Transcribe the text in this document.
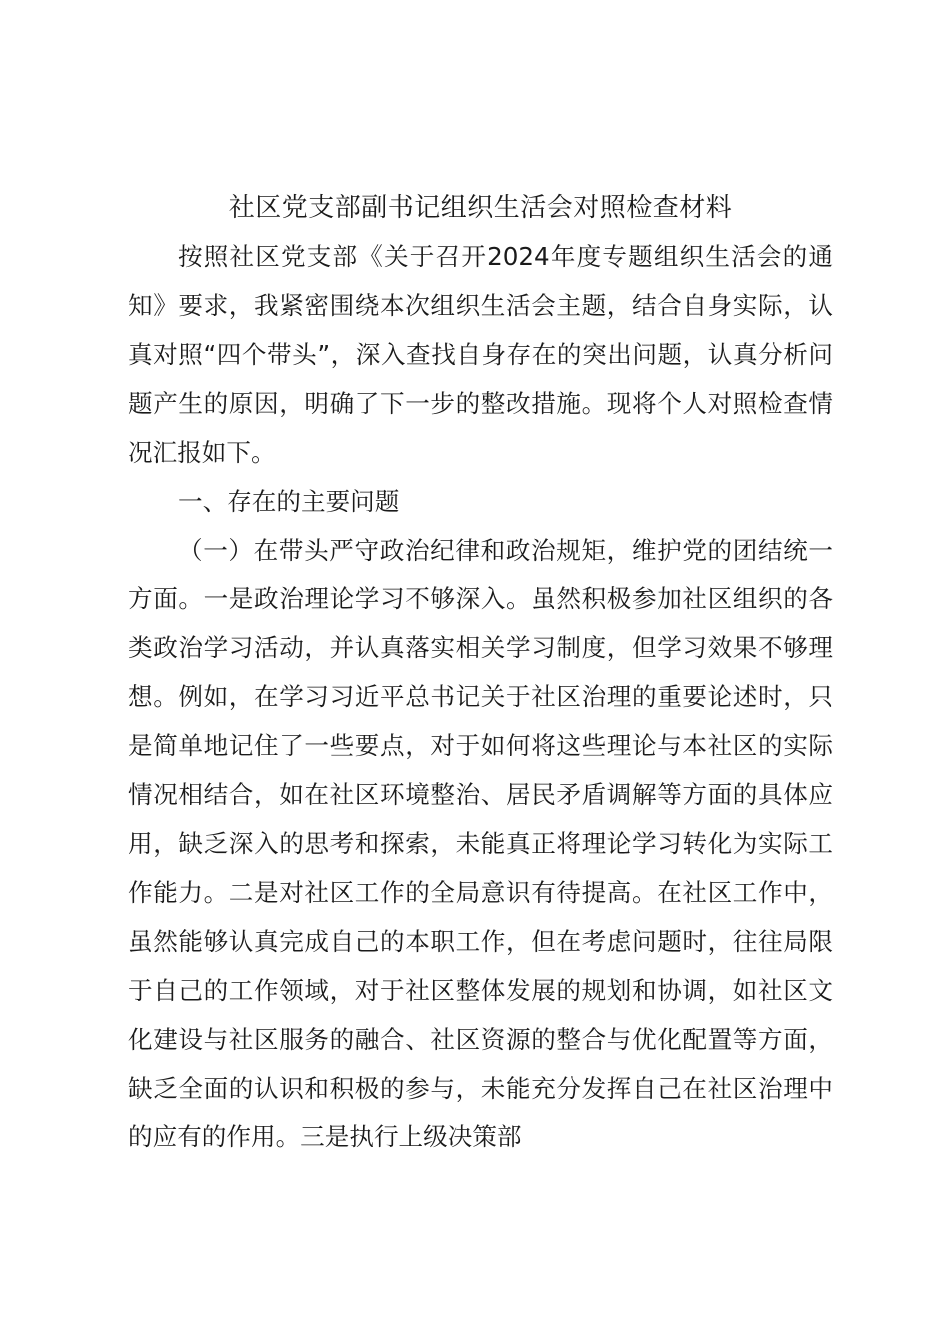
社区党支部副书记组织生活会对照检查材料

按照社区党支部《关于召开2024年度专题组织生活会的通知》要求，我紧密围绕本次组织生活会主题，结合自身实际，认真对照“四个带头”，深入查找自身存在的突出问题，认真分析问题产生的原因，明确了下一步的整改措施。现将个人对照检查情况汇报如下。

一、存在的主要问题

（一）在带头严守政治纪律和政治规矩，维护党的团结统一方面。一是政治理论学习不够深入。虽然积极参加社区组织的各类政治学习活动，并认真落实相关学习制度，但学习效果不够理想。例如，在学习习近平总书记关于社区治理的重要论述时，只是简单地记住了一些要点，对于如何将这些理论与本社区的实际情况相结合，如在社区环境整治、居民矛盾调解等方面的具体应用，缺乏深入的思考和探索，未能真正将理论学习转化为实际工作能力。二是对社区工作的全局意识有待提高。在社区工作中，虽然能够认真完成自己的本职工作，但在考虑问题时，往往局限于自己的工作领域，对于社区整体发展的规划和协调，如社区文化建设与社区服务的融合、社区资源的整合与优化配置等方面，缺乏全面的认识和积极的参与，未能充分发挥自己在社区治理中的应有的作用。三是执行上级决策部
